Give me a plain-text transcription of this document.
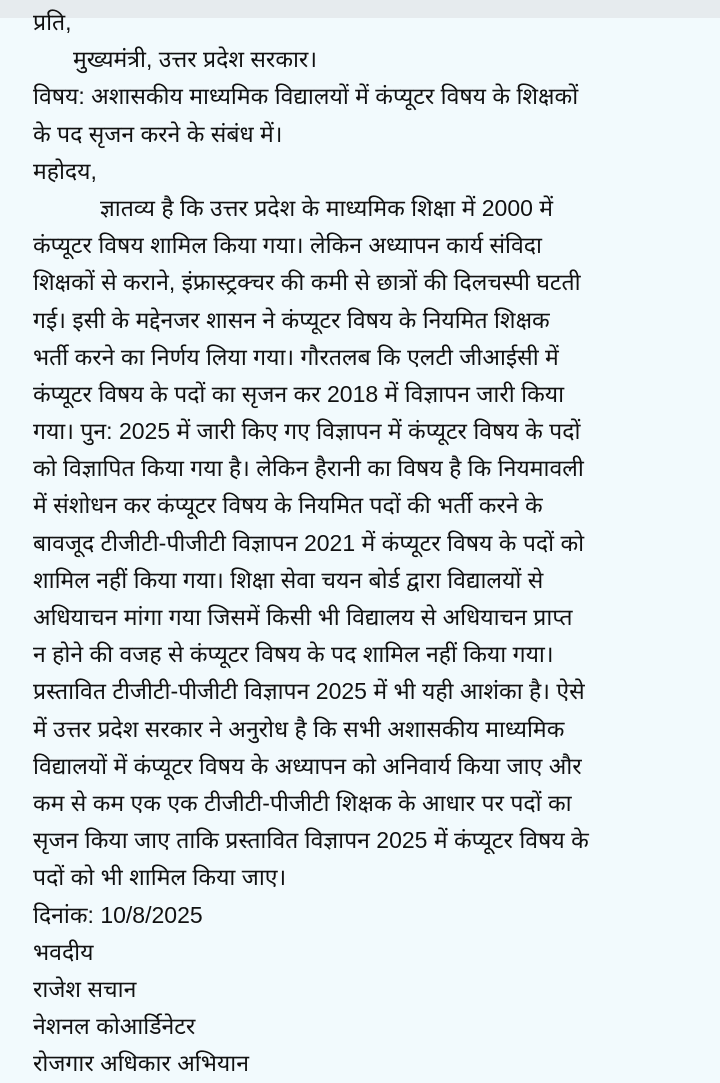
प्रति,
मुख्यमंत्री, उत्तर प्रदेश सरकार।
विषय: अशासकीय माध्यमिक विद्यालयों में कंप्यूटर विषय के शिक्षकों
के पद सृजन करने के संबंध में।
महोदय,
ज्ञातव्य है कि उत्तर प्रदेश के माध्यमिक शिक्षा में 2000 में
कंप्यूटर विषय शामिल किया गया। लेकिन अध्यापन कार्य संविदा
शिक्षकों से कराने, इंफ्रास्ट्रक्चर की कमी से छात्रों की दिलचस्पी घटती
गई। इसी के मद्देनजर शासन ने कंप्यूटर विषय के नियमित शिक्षक
भर्ती करने का निर्णय लिया गया। गौरतलब कि एलटी जीआईसी में
कंप्यूटर विषय के पदों का सृजन कर 2018 में विज्ञापन जारी किया
गया। पुन: 2025 में जारी किए गए विज्ञापन में कंप्यूटर विषय के पदों
को विज्ञापित किया गया है। लेकिन हैरानी का विषय है कि नियमावली
में संशोधन कर कंप्यूटर विषय के नियमित पदों की भर्ती करने के
बावजूद टीजीटी-पीजीटी विज्ञापन 2021 में कंप्यूटर विषय के पदों को
शामिल नहीं किया गया। शिक्षा सेवा चयन बोर्ड द्वारा विद्यालयों से
अधियाचन मांगा गया जिसमें किसी भी विद्यालय से अधियाचन प्राप्त
न होने की वजह से कंप्यूटर विषय के पद शामिल नहीं किया गया।
प्रस्तावित टीजीटी-पीजीटी विज्ञापन 2025 में भी यही आशंका है। ऐसे
में उत्तर प्रदेश सरकार ने अनुरोध है कि सभी अशासकीय माध्यमिक
विद्यालयों में कंप्यूटर विषय के अध्यापन को अनिवार्य किया जाए और
कम से कम एक एक टीजीटी-पीजीटी शिक्षक के आधार पर पदों का
सृजन किया जाए ताकि प्रस्तावित विज्ञापन 2025 में कंप्यूटर विषय के
पदों को भी शामिल किया जाए।
दिनांक: 10/8/2025
भवदीय
राजेश सचान
नेशनल कोआर्डिनेटर
रोजगार अधिकार अभियान
